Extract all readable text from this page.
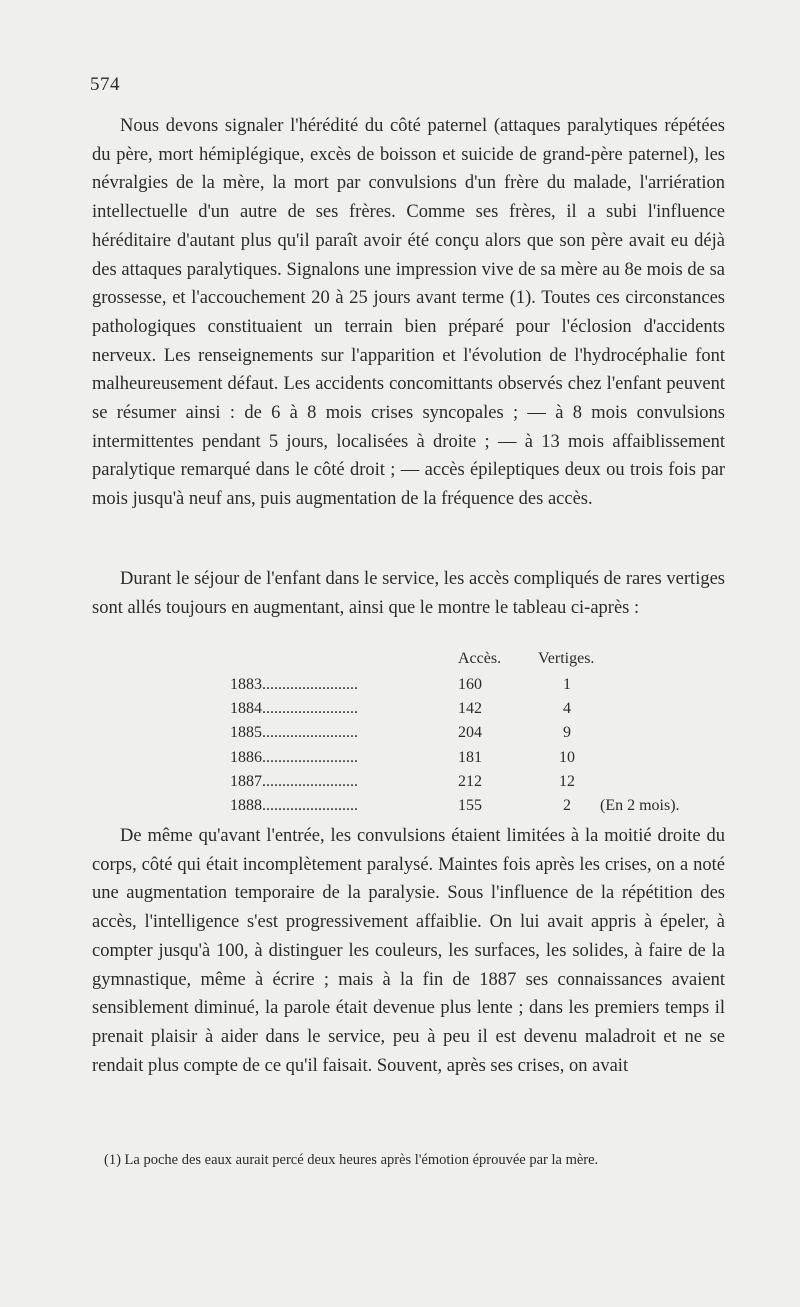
574

Nous devons signaler l'hérédité du côté paternel (attaques paralytiques répétées du père, mort hémiplégique, excès de boisson et suicide de grand-père paternel), les névralgies de la mère, la mort par convulsions d'un frère du malade, l'arriération intellectuelle d'un autre de ses frères. Comme ses frères, il a subi l'influence héréditaire d'autant plus qu'il paraît avoir été conçu alors que son père avait eu déjà des attaques paralytiques. Signalons une impression vive de sa mère au 8e mois de sa grossesse, et l'accouchement 20 à 25 jours avant terme (1). Toutes ces circonstances pathologiques constituaient un terrain bien préparé pour l'éclosion d'accidents nerveux. Les renseignements sur l'apparition et l'évolution de l'hydrocéphalie font malheureusement défaut. Les accidents concomittants observés chez l'enfant peuvent se résumer ainsi : de 6 à 8 mois crises syncopales ; — à 8 mois convulsions intermittentes pendant 5 jours, localisées à droite ; — à 13 mois affaiblissement paralytique remarqué dans le côté droit ; — accès épileptiques deux ou trois fois par mois jusqu'à neuf ans, puis augmentation de la fréquence des accès.

Durant le séjour de l'enfant dans le service, les accès compliqués de rares vertiges sont allés toujours en augmentant, ainsi que le montre le tableau ci-après :

	Accès.	Vertiges.
1883........................	160	1
1884........................	142	4
1885........................	204	9
1886........................	181	10
1887........................	212	12
1888........................	155	2 (En 2 mois).

De même qu'avant l'entrée, les convulsions étaient limitées à la moitié droite du corps, côté qui était incomplètement paralysé. Maintes fois après les crises, on a noté une augmentation temporaire de la paralysie. Sous l'influence de la répétition des accès, l'intelligence s'est progressivement affaiblie. On lui avait appris à épeler, à compter jusqu'à 100, à distinguer les couleurs, les surfaces, les solides, à faire de la gymnastique, même à écrire ; mais à la fin de 1887 ses connaissances avaient sensiblement diminué, la parole était devenue plus lente ; dans les premiers temps il prenait plaisir à aider dans le service, peu à peu il est devenu maladroit et ne se rendait plus compte de ce qu'il faisait. Souvent, après ses crises, on avait

(1) La poche des eaux aurait percé deux heures après l'émotion éprouvée par la mère.
